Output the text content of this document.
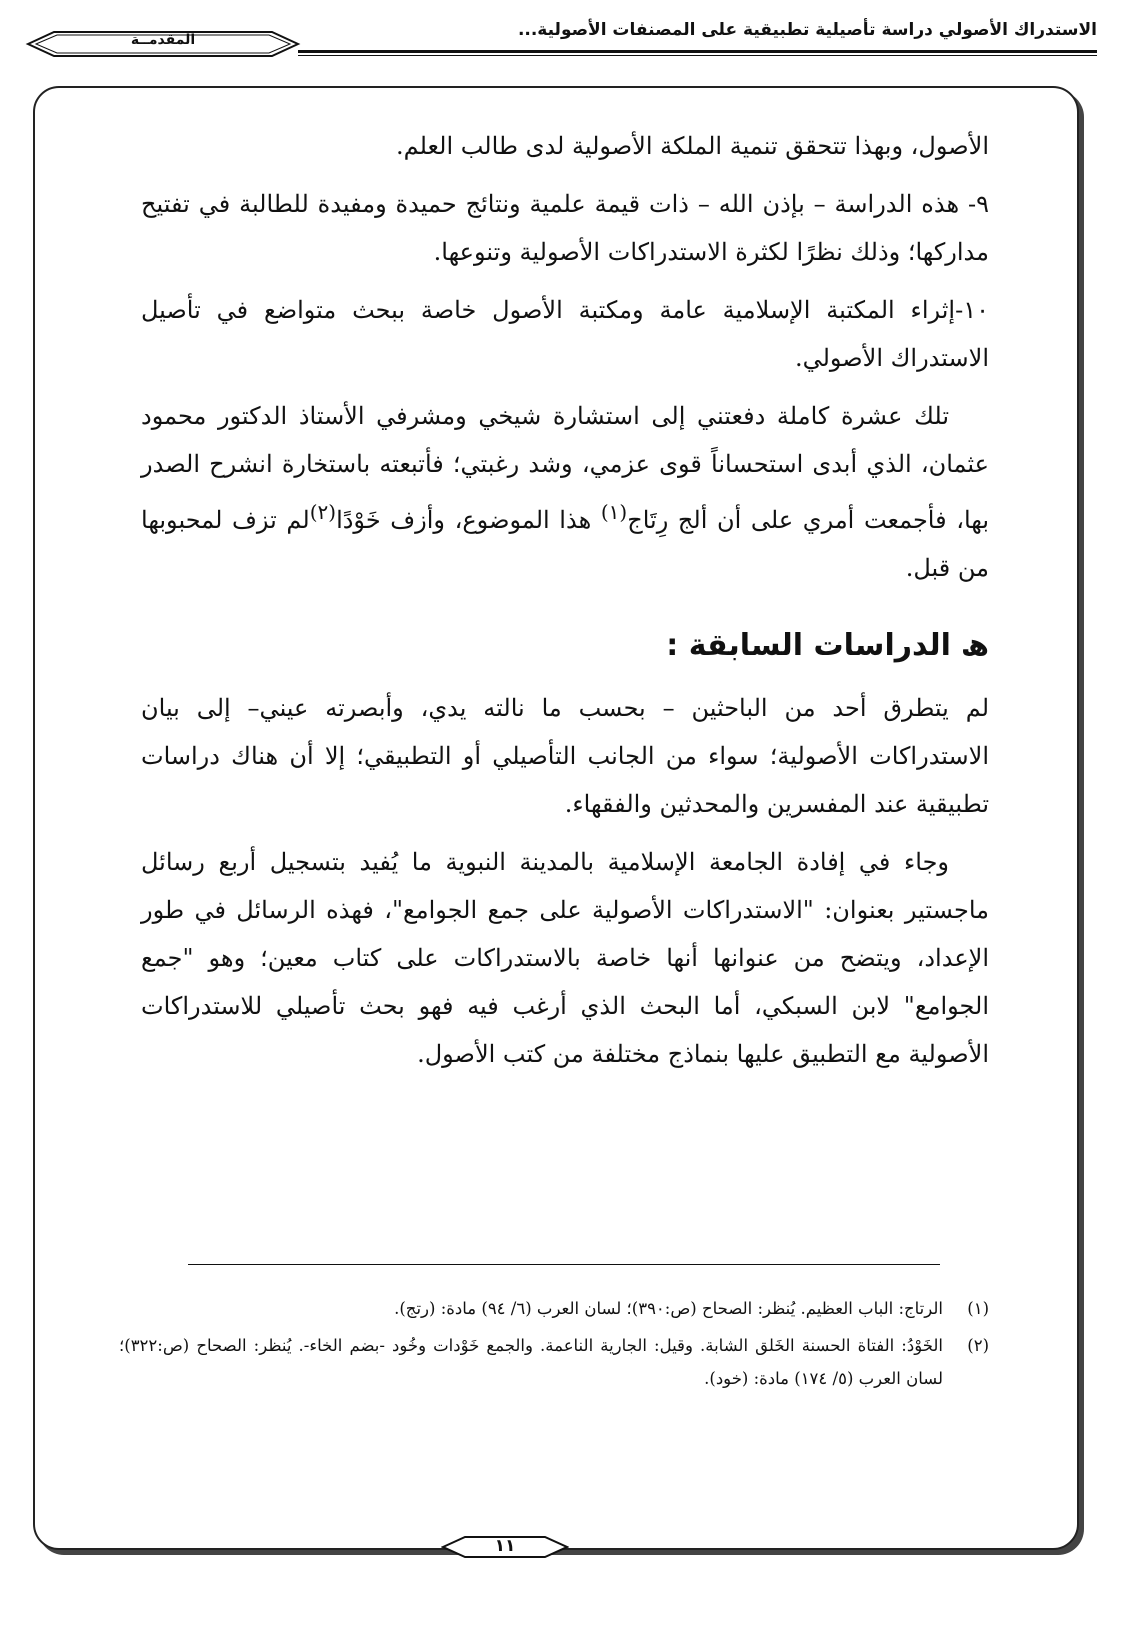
الاستدراك الأصولي دراسة تأصيلية تطبيقية على المصنفات الأصولية...
المقدمــة

الأصول، وبهذا تتحقق تنمية الملكة الأصولية لدى طالب العلم.

٩- هذه الدراسة – بإذن الله – ذات قيمة علمية ونتائج حميدة ومفيدة للطالبة في تفتيح مداركها؛ وذلك نظرًا لكثرة الاستدراكات الأصولية وتنوعها.

١٠-إثراء المكتبة الإسلامية عامة ومكتبة الأصول خاصة ببحث متواضع في تأصيل الاستدراك الأصولي.

تلك عشرة كاملة دفعتني إلى استشارة شيخي ومشرفي الأستاذ الدكتور محمود عثمان، الذي أبدى استحساناً قوى عزمي، وشد رغبتي؛ فأتبعته باستخارة انشرح الصدر بها، فأجمعت أمري على أن ألج رِتَاج$^{(١)}$ هذا الموضوع، وأزف خَوْدًا$^{(٢)}$لم تزف لمحبوبها من قبل.

ﮪالدراسات السابقة :

لم يتطرق أحد من الباحثين – بحسب ما نالته يدي، وأبصرته عيني– إلى بيان الاستدراكات الأصولية؛ سواء من الجانب التأصيلي أو التطبيقي؛ إلا أن هناك دراسات تطبيقية عند المفسرين والمحدثين والفقهاء.

وجاء في إفادة الجامعة الإسلامية بالمدينة النبوية ما يُفيد بتسجيل أربع رسائل ماجستير بعنوان: "الاستدراكات الأصولية على جمع الجوامع"، فهذه الرسائل في طور الإعداد، ويتضح من عنوانها أنها خاصة بالاستدراكات على كتاب معين؛ وهو "جمع الجوامع" لابن السبكي، أما البحث الذي أرغب فيه فهو بحث تأصيلي للاستدراكات الأصولية مع التطبيق عليها بنماذج مختلفة من كتب الأصول.

(١)
الرتاج: الباب العظيم. يُنظر: الصحاح (ص:٣٩٠)؛ لسان العرب (٦/ ٩٤) مادة: (رتج).
(٢)
الخَوْدُ: الفتاة الحسنة الخَلق الشابة. وقيل: الجارية الناعمة. والجمع خَوْدات وخُود -بضم الخاء-. يُنظر: الصحاح (ص:٣٢٢)؛ لسان العرب (٥/ ١٧٤) مادة: (خود).
١١
